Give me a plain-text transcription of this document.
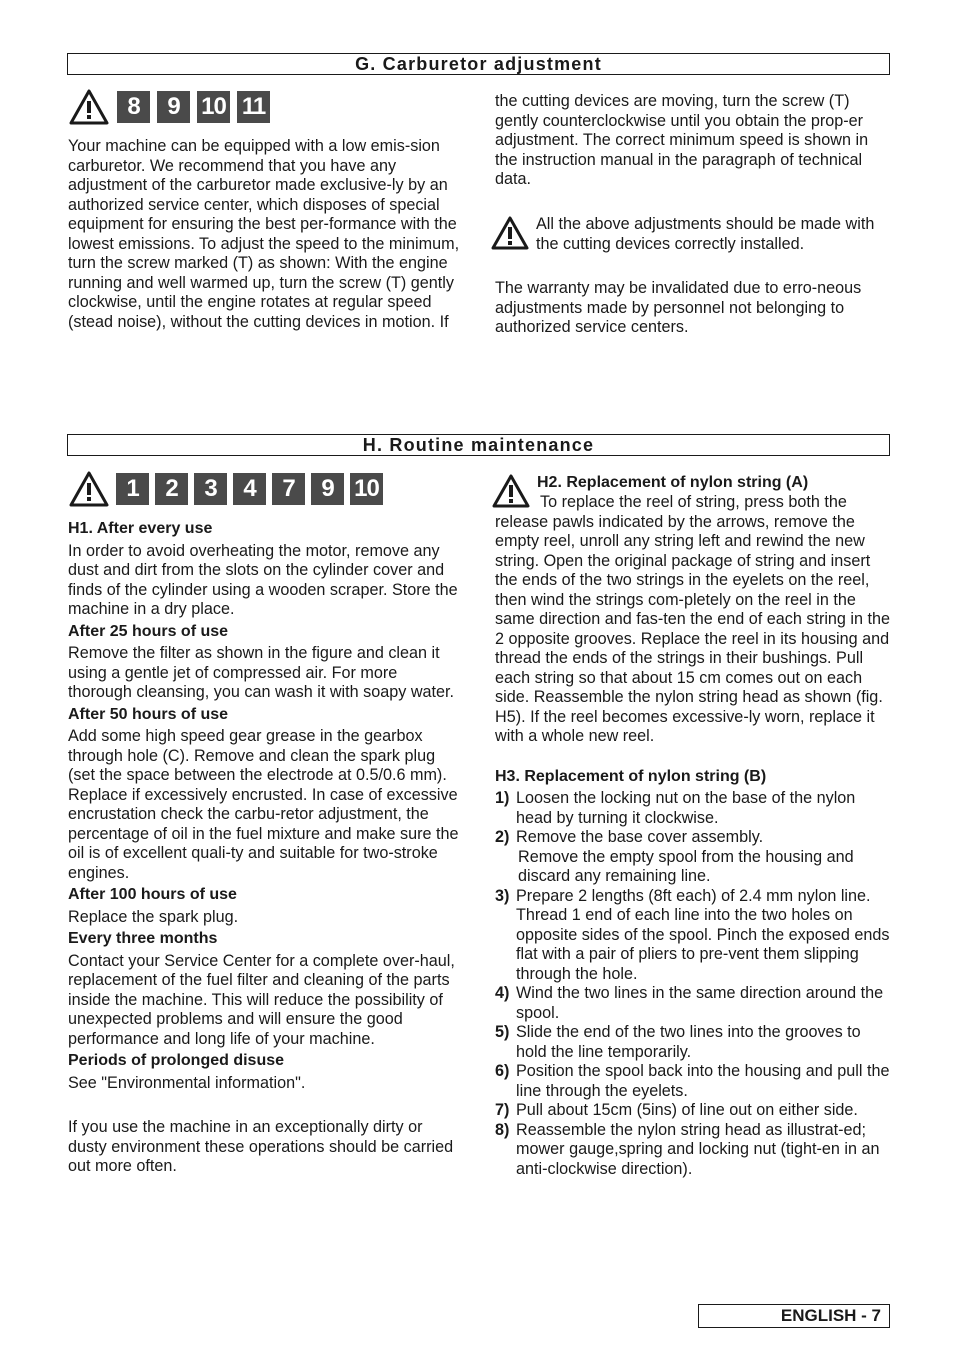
G. Carburetor adjustment
8	9 10 11

Your machine can be equipped with a low emis-sion carburetor. We recommend that you have any adjustment of the carburetor made exclusive-ly by an authorized service center, which disposes of special equipment for ensuring the best per-formance with the lowest emissions. To adjust the speed to the minimum, turn the screw marked (T) as shown: With the engine running and well warmed up, turn the screw (T) gently clockwise, until the engine rotates at regular speed (stead noise), without the cutting devices in motion. If

the cutting devices are moving, turn the screw (T) gently counterclockwise until you obtain the prop-er adjustment. The correct minimum speed is shown in the instruction manual in the paragraph of technical data.

All the above adjustments should be made with the cutting devices correctly installed.

The warranty may be invalidated due to erro-neous adjustments made by personnel not belonging to authorized service centers.

H. Routine maintenance
1	2	3	4	7	9 10

H1. After every use

In order to avoid overheating the motor, remove any dust and dirt from the slots on the cylinder cover and finds of the cylinder using a wooden scraper. Store the machine in a dry place.

After 25 hours of use

Remove the filter as shown in the figure and clean it using a gentle jet of compressed air. For more thorough cleansing, you can wash it with soapy water.

After 50 hours of use

Add some high speed gear grease in the gearbox through hole (C). Remove and clean the spark plug (set the space between the electrode at 0.5/0.6 mm). Replace if excessively encrusted. In case of excessive encrustation check the carbu-retor adjustment, the percentage of oil in the fuel mixture and make sure the oil is of excellent quali-ty and suitable for two-stroke engines.

After 100 hours of use

Replace the spark plug.

Every three months

Contact your Service Center for a complete over-haul, replacement of the fuel filter and cleaning of the parts inside the machine. This will reduce the possibility of unexpected problems and will ensure the good performance and long life of your machine.

Periods of prolonged disuse

See "Environmental information".

If you use the machine in an exceptionally dirty or dusty environment these operations should be carried out more often.

H2. Replacement of nylon string (A)

To replace the reel of string, press both the release pawls indicated by the arrows, remove the empty reel, unroll any string left and rewind the new string. Open the original package of string and insert the ends of the two strings in the eyelets on the reel, then wind the strings com-pletely on the reel in the same direction and fas-ten the end of each string in the 2 opposite grooves. Replace the reel in its housing and thread the ends of the strings in their bushings. Pull each string so that about 15 cm comes out on each side. Reassemble the nylon string head as shown (fig. H5). If the reel becomes excessive-ly worn, replace it with a whole new reel.

H3. Replacement of nylon string (B)

1) Loosen the locking nut on the base of the nylon head by turning it clockwise.
2) Remove the base cover assembly.

Remove the empty spool from the housing and discard any remaining line.
3) Prepare 2 lengths (8ft each) of 2.4 mm nylon line. Thread 1 end of each line into the two holes on opposite sides of the spool. Pinch the exposed ends flat with a pair of pliers to pre-vent them slipping through the hole.
4) Wind the two lines in the same direction around the spool.
5) Slide the end of the two lines into the grooves to hold the line temporarily.
6) Position the spool back into the housing and pull the line through the eyelets.
7) Pull about 15cm (5ins) of line out on either side.
8) Reassemble the nylon string head as illustrat-ed; mower gauge,spring and locking nut (tight-en in an anti-clockwise direction).
ENGLISH - 7
